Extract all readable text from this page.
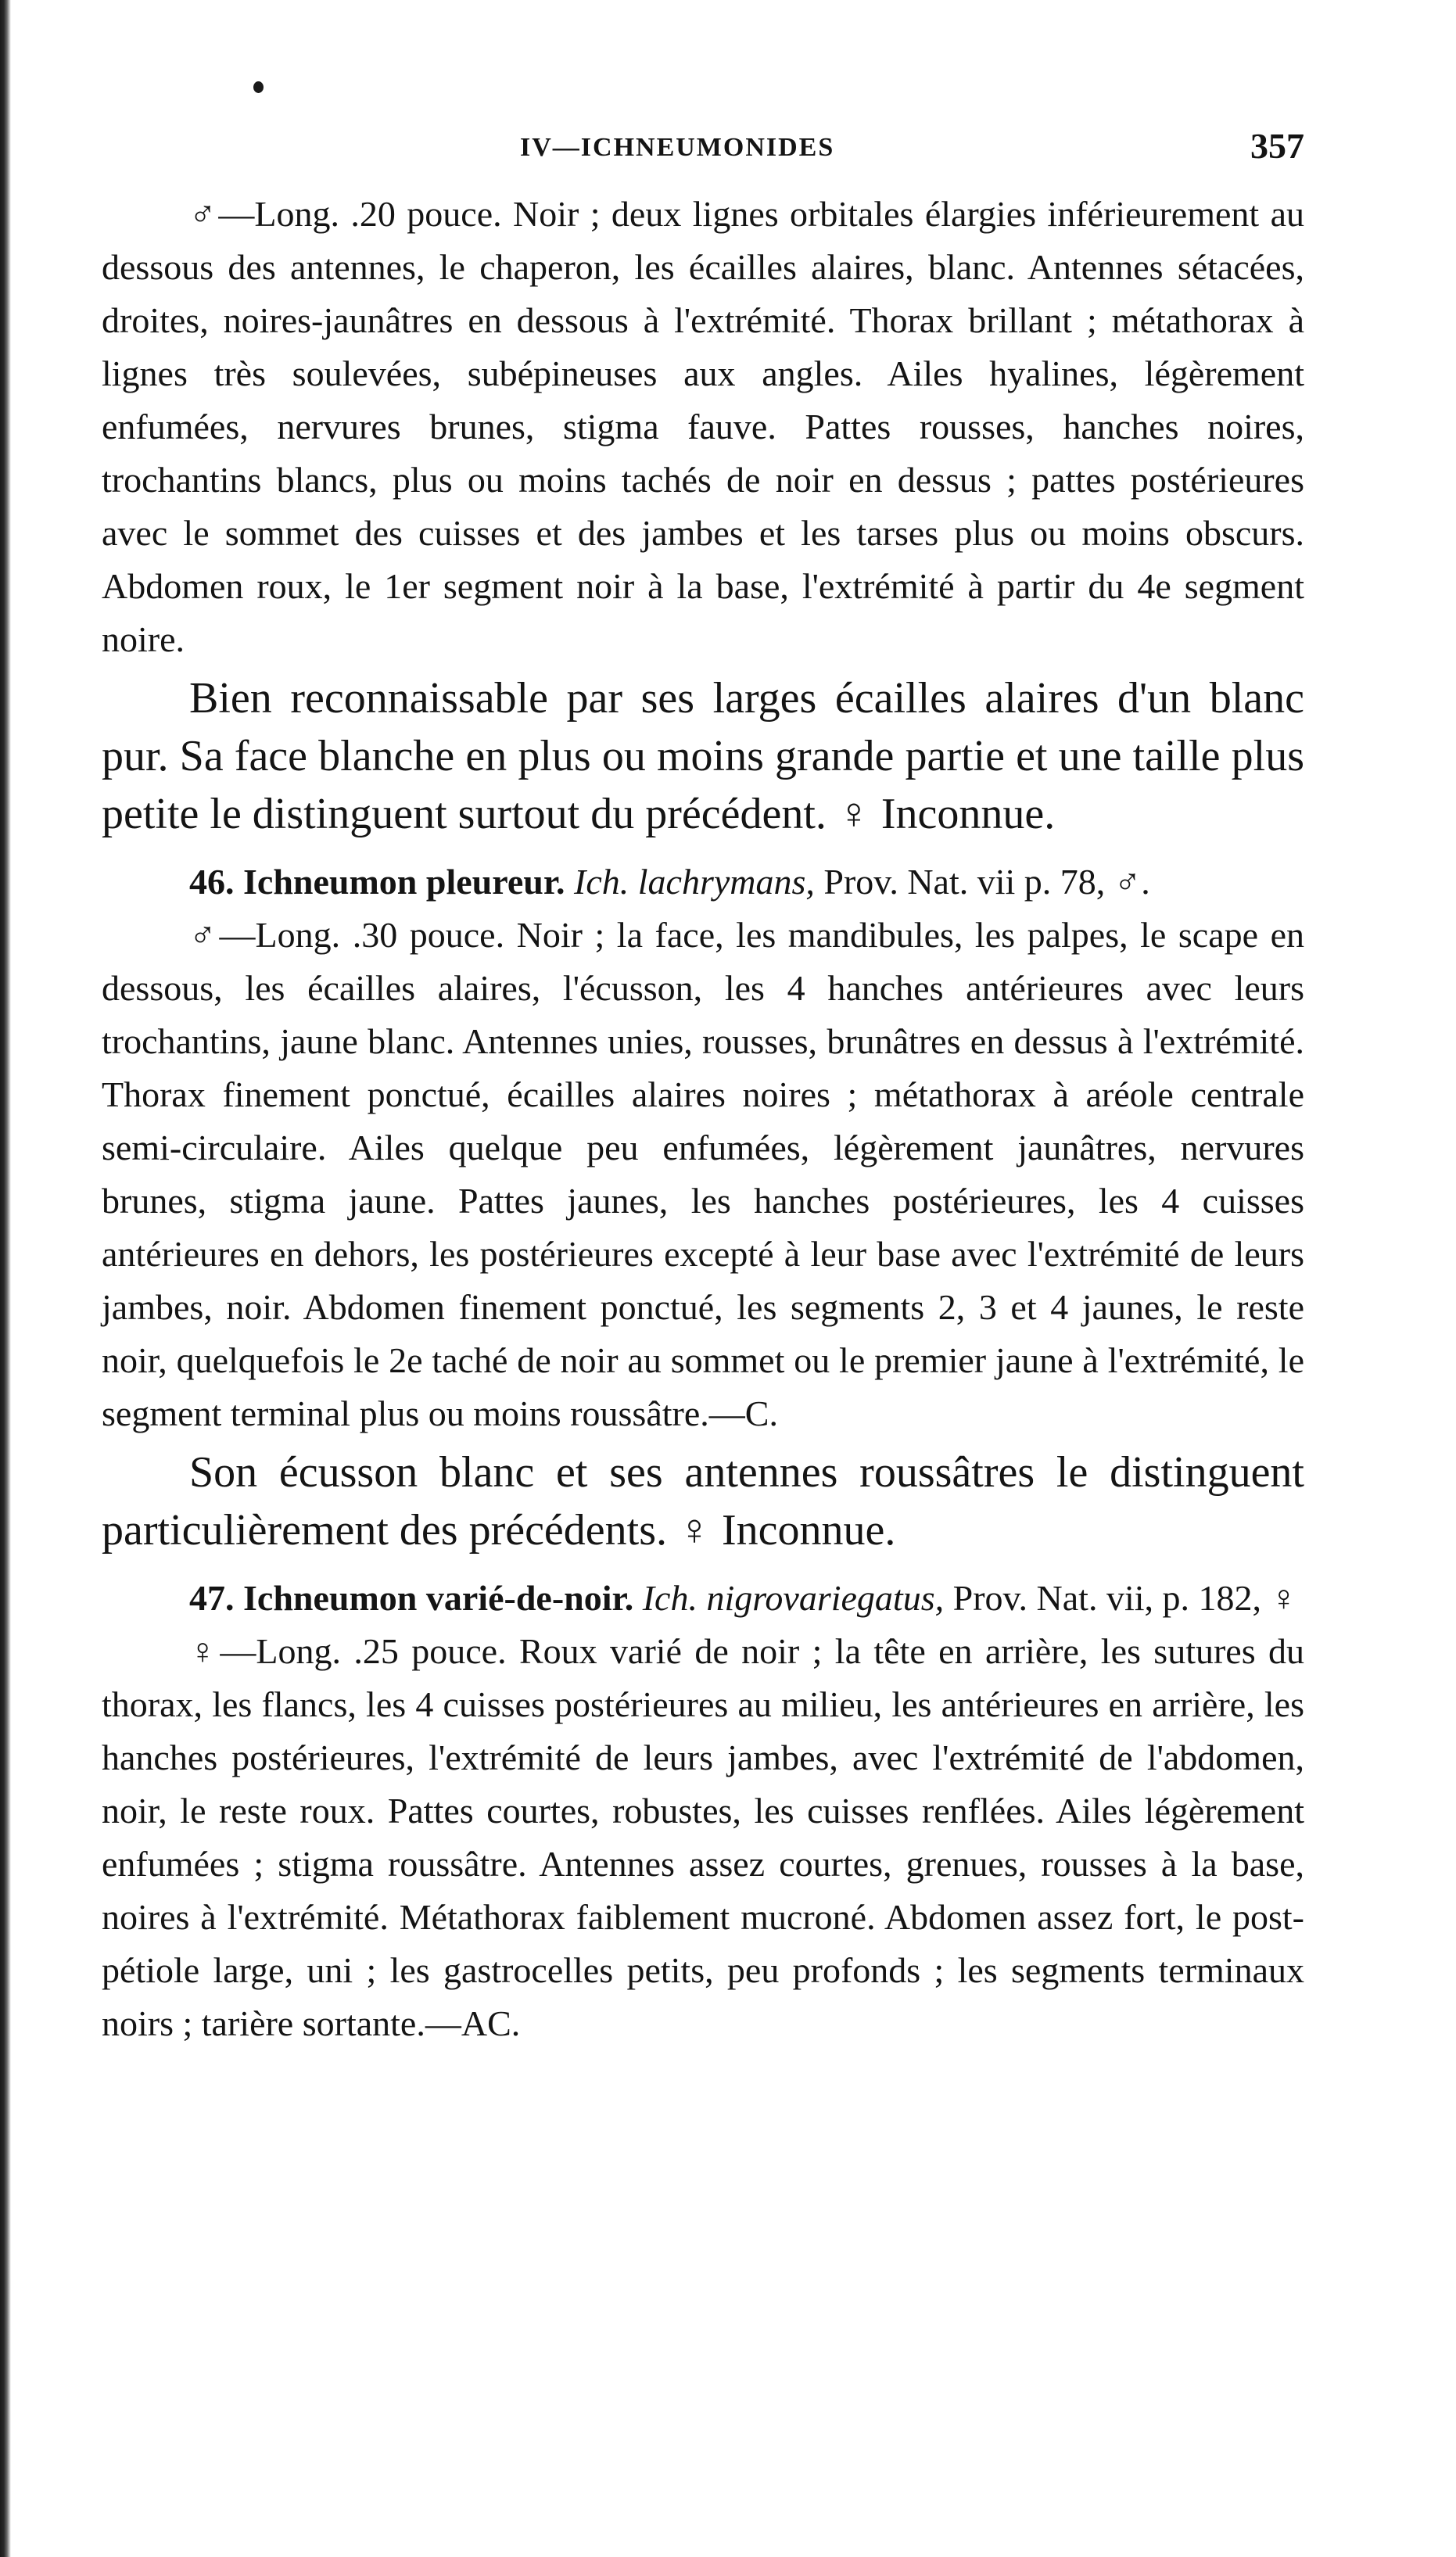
IV—ICHNEUMONIDES	357

♂—Long. .20 pouce. Noir ; deux lignes orbitales élargies inférieurement au dessous des antennes, le chaperon, les écailles alaires, blanc. Antennes sétacées, droites, noires-jaunâtres en dessous à l'extrémité. Thorax brillant ; métathorax à lignes très soulevées, subépineuses aux angles. Ailes hyalines, légèrement enfumées, nervures brunes, stigma fauve. Pattes rousses, hanches noires, trochantins blancs, plus ou moins tachés de noir en dessus ; pattes postérieures avec le sommet des cuisses et des jambes et les tarses plus ou moins obscurs. Abdomen roux, le 1er segment noir à la base, l'extrémité à partir du 4e segment noire.

Bien reconnaissable par ses larges écailles alaires d'un blanc pur. Sa face blanche en plus ou moins grande partie et une taille plus petite le distinguent surtout du précédent. ♀ Inconnue.

46. Ichneumon pleureur. Ich. lachrymans, Prov. Nat. vii p. 78, ♂.

♂—Long. .30 pouce. Noir ; la face, les mandibules, les palpes, le scape en dessous, les écailles alaires, l'écusson, les 4 hanches antérieures avec leurs trochantins, jaune blanc. Antennes unies, rousses, brunâtres en dessus à l'extrémité. Thorax finement ponctué, écailles alaires noires ; métathorax à aréole centrale semi-circulaire. Ailes quelque peu enfumées, légèrement jaunâtres, nervures brunes, stigma jaune. Pattes jaunes, les hanches postérieures, les 4 cuisses antérieures en dehors, les postérieures excepté à leur base avec l'extrémité de leurs jambes, noir. Abdomen finement ponctué, les segments 2, 3 et 4 jaunes, le reste noir, quelquefois le 2e taché de noir au sommet ou le premier jaune à l'extrémité, le segment terminal plus ou moins roussâtre.—C.

Son écusson blanc et ses antennes roussâtres le distinguent particulièrement des précédents. ♀ Inconnue.

47. Ichneumon varié-de-noir. Ich. nigrovariegatus, Prov. Nat. vii, p. 182, ♀

♀—Long. .25 pouce. Roux varié de noir ; la tête en arrière, les sutures du thorax, les flancs, les 4 cuisses postérieures au milieu, les antérieures en arrière, les hanches postérieures, l'extrémité de leurs jambes, avec l'extrémité de l'abdomen, noir, le reste roux. Pattes courtes, robustes, les cuisses renflées. Ailes légèrement enfumées ; stigma roussâtre. Antennes assez courtes, grenues, rousses à la base, noires à l'extrémité. Métathorax faiblement mucroné. Abdomen assez fort, le post-pétiole large, uni ; les gastrocelles petits, peu profonds ; les segments terminaux noirs ; tarière sortante.—AC.
